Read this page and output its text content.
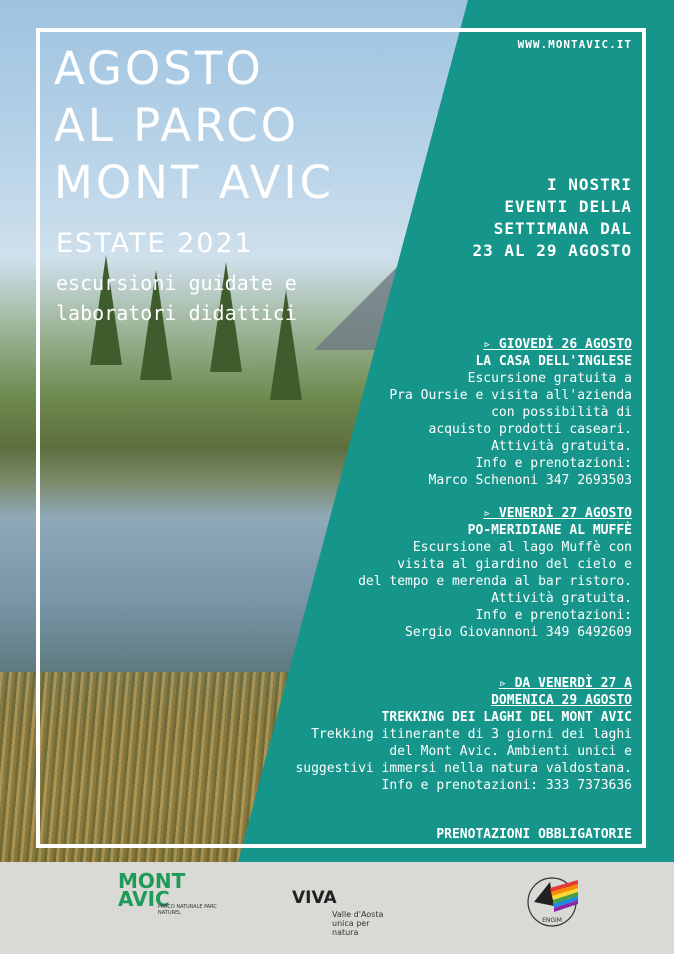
WWW.MONTAVIC.IT
AGOSTO
AL PARCO
MONT AVIC
ESTATE 2021
escursioni guidate e
laboratori didattici
I NOSTRI
EVENTI DELLA
SETTIMANA DAL
23 AL 29 AGOSTO
▹ GIOVEDÌ 26 AGOSTO
LA CASA DELL'INGLESE
Escursione gratuita a
Pra Oursie e visita all'azienda
con possibilità di
acquisto prodotti caseari.
Attività gratuita.
Info e prenotazioni:
Marco Schenoni 347 2693503
▹ VENERDÌ 27 AGOSTO
PO-MERIDIANE AL MUFFÈ
Escursione al lago Muffè con
visita al giardino del cielo e
del tempo e merenda al bar ristoro.
Attività gratuita.
Info e prenotazioni:
Sergio Giovannoni 349 6492609
▹ DA VENERDÌ 27 A
DOMENICA 29 AGOSTO
TREKKING DEI LAGHI DEL MONT AVIC
Trekking itinerante di 3 giorni dei laghi
del Mont Avic. Ambienti unici e
suggestivi immersi nella natura valdostana.
Info e prenotazioni: 333 7373636
PRENOTAZIONI OBBLIGATORIE
MONT
AVIC
PARCO NATURALE PARC NATUREL
VIVA
Valle d'Aosta
unica per natura
ENGIM
